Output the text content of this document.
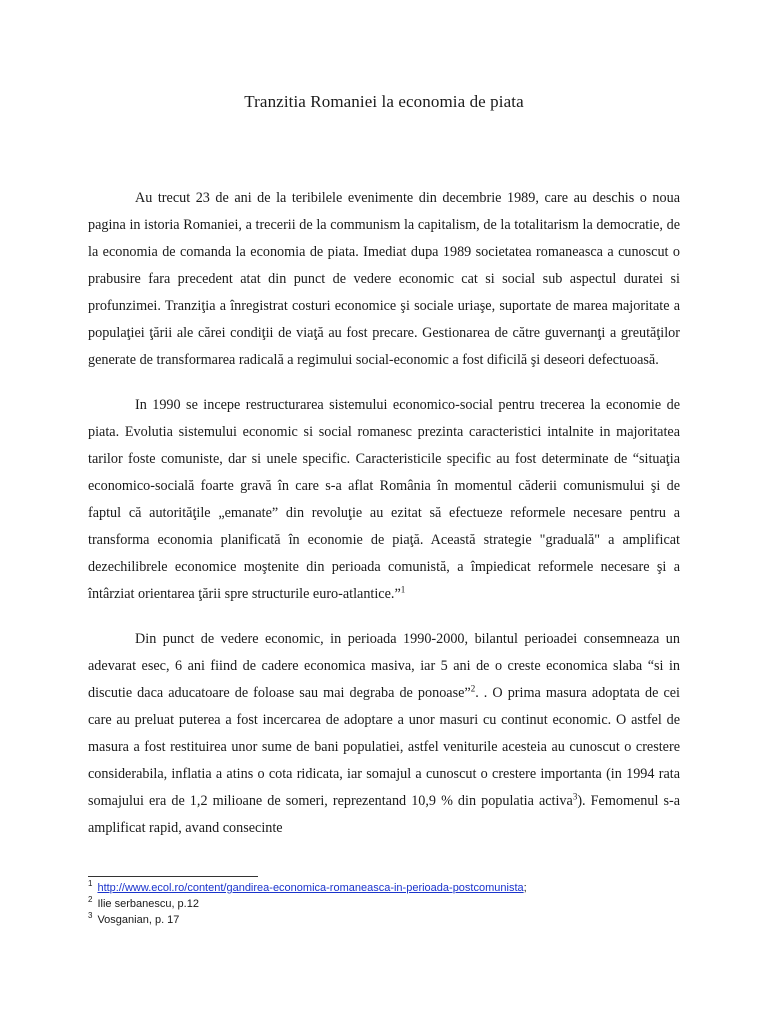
Tranzitia Romaniei la economia de piata

Au trecut 23 de ani de la teribilele evenimente din decembrie 1989, care au deschis o noua pagina in istoria Romaniei, a trecerii de la communism la capitalism, de la totalitarism la democratie, de la economia de comanda la economia de piata. Imediat dupa 1989 societatea romaneasca a cunoscut o prabusire fara precedent atat din punct de vedere economic cat si social sub aspectul duratei si profunzimei. Tranziţia a înregistrat costuri economice şi sociale uriaşe, suportate de marea majoritate a populaţiei ţării ale cărei condiţii de viaţă au fost precare. Gestionarea de către guvernanţi a greutăţilor generate de transformarea radicală a regimului social-economic a fost dificilă şi deseori defectuoasă.

In 1990 se incepe restructurarea sistemului economico-social pentru trecerea la economie de piata. Evolutia sistemului economic si social romanesc prezinta caracteristici intalnite in majoritatea tarilor foste comuniste, dar si unele specific. Caracteristicile specific au fost determinate de “situaţia economico-socială foarte gravă în care s-a aflat România în momentul căderii comunismului şi de faptul că autorităţile „emanate” din revoluţie au ezitat să efectueze reformele necesare pentru a transforma economia planificată în economie de piaţă. Această strategie "graduală" a amplificat dezechilibrele economice moştenite din perioada comunistă, a împiedicat reformele necesare şi a întârziat orientarea ţării spre structurile euro-atlantice.”$^1$

Din punct de vedere economic, in perioada 1990-2000, bilantul perioadei consemneaza un adevarat esec, 6 ani fiind de cadere economica masiva, iar 5 ani de o creste economica slaba “si in discutie daca aducatoare de foloase sau mai degraba de ponoase”$^2$. . O prima masura adoptata de cei care au preluat puterea a fost incercarea de adoptare a unor masuri cu continut economic. O astfel de masura a fost restituirea unor sume de bani populatiei, astfel veniturile acesteia au cunoscut o crestere considerabila, inflatia a atins o cota ridicata, iar somajul a cunoscut o crestere importanta (in 1994 rata somajului era de 1,2 milioane de someri, reprezentand 10,9 % din populatia activa$^3$). Femomenul s-a amplificat rapid, avand consecinte

$^1$ http://www.ecol.ro/content/gandirea-economica-romaneasca-in-perioada-postcomunista;
$^2$ Ilie serbanescu, p.12
$^3$ Vosganian, p. 17
